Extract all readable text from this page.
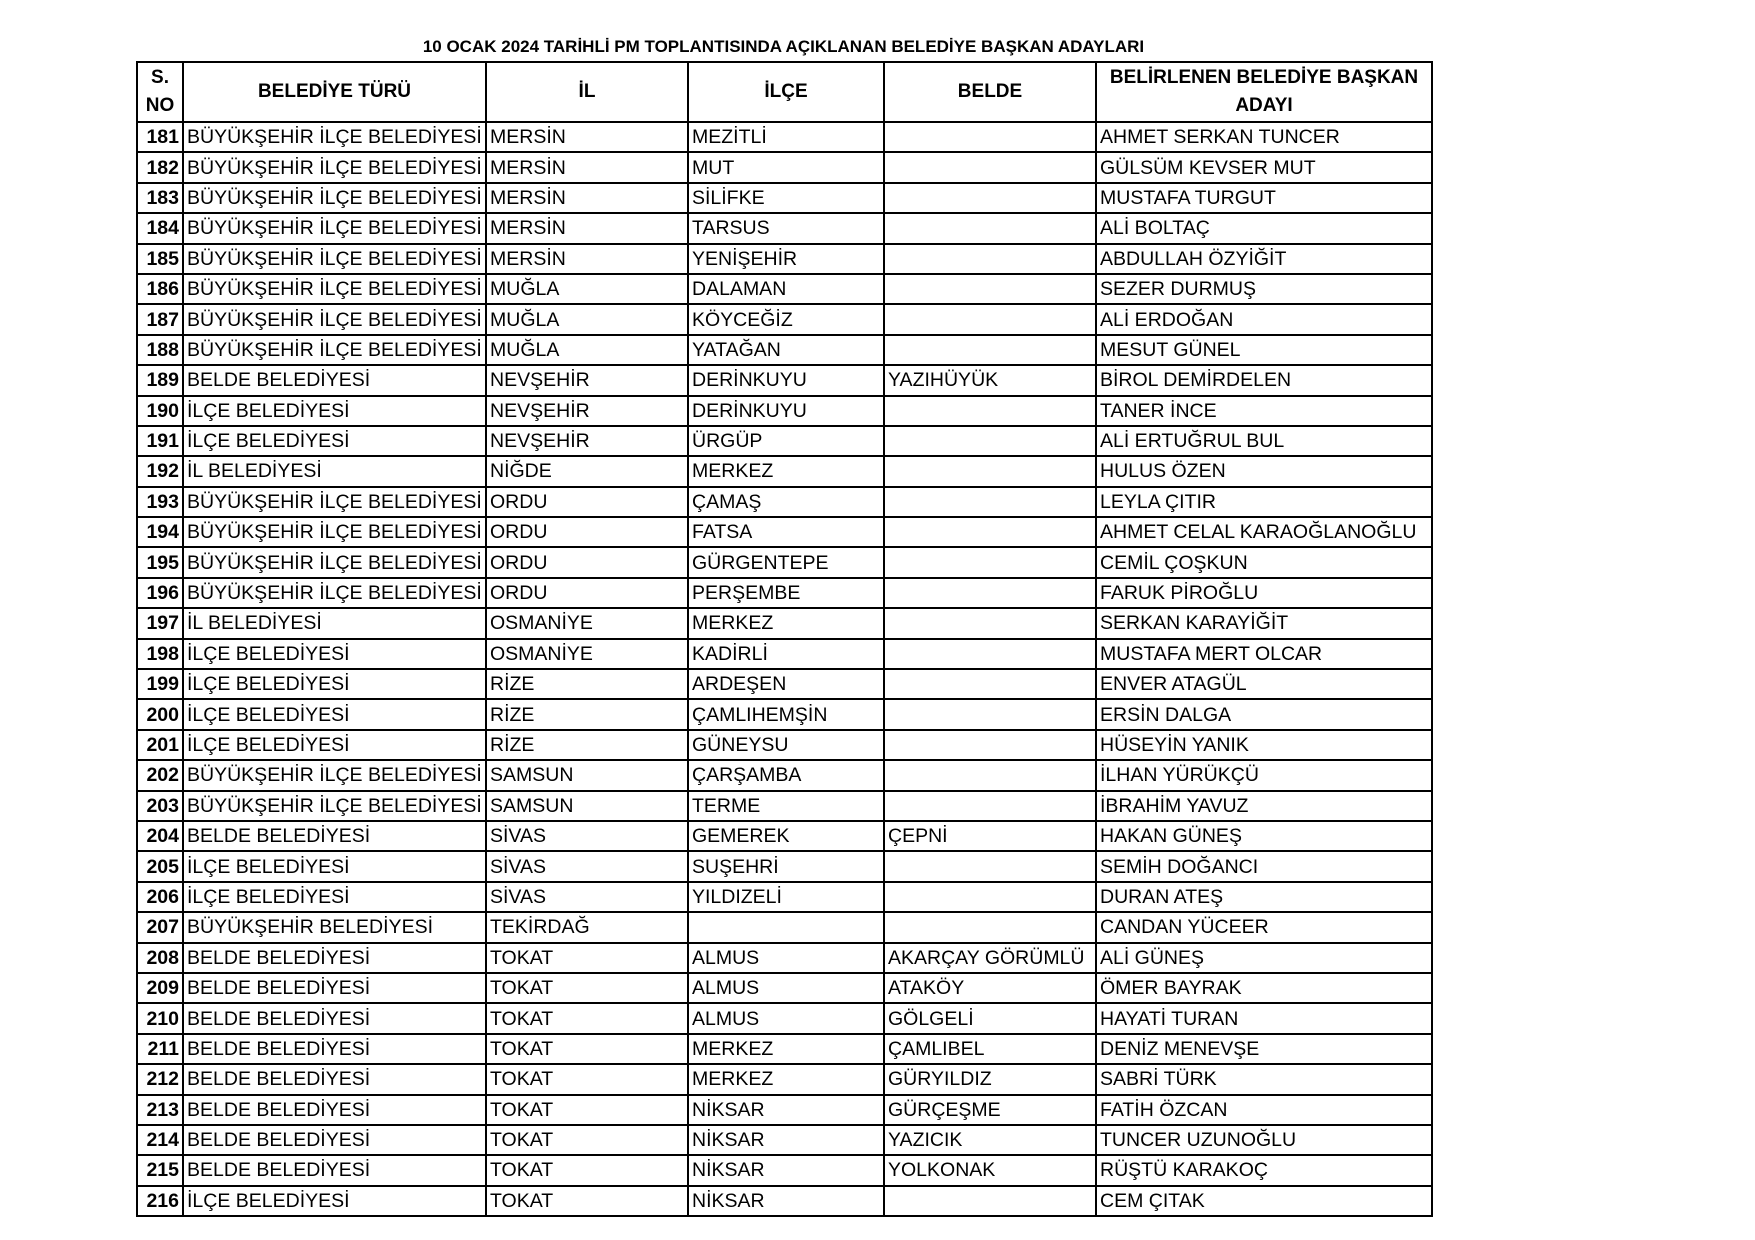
10 OCAK 2024 TARİHLİ PM TOPLANTISINDA AÇIKLANAN BELEDİYE BAŞKAN ADAYLARI
S. NO	BELEDİYE TÜRÜ	İL	İLÇE	BELDE	BELİRLENEN BELEDİYE BAŞKAN ADAYI
181	BÜYÜKŞEHİR İLÇE BELEDİYESİ	MERSİN	MEZİTLİ		AHMET SERKAN TUNCER
182	BÜYÜKŞEHİR İLÇE BELEDİYESİ	MERSİN	MUT		GÜLSÜM KEVSER MUT
183	BÜYÜKŞEHİR İLÇE BELEDİYESİ	MERSİN	SİLİFKE		MUSTAFA TURGUT
184	BÜYÜKŞEHİR İLÇE BELEDİYESİ	MERSİN	TARSUS		ALİ BOLTAÇ
185	BÜYÜKŞEHİR İLÇE BELEDİYESİ	MERSİN	YENİŞEHİR		ABDULLAH ÖZYİĞİT
186	BÜYÜKŞEHİR İLÇE BELEDİYESİ	MUĞLA	DALAMAN		SEZER DURMUŞ
187	BÜYÜKŞEHİR İLÇE BELEDİYESİ	MUĞLA	KÖYCEĞİZ		ALİ ERDOĞAN
188	BÜYÜKŞEHİR İLÇE BELEDİYESİ	MUĞLA	YATAĞAN		MESUT GÜNEL
189	BELDE BELEDİYESİ	NEVŞEHİR	DERİNKUYU	YAZIHÜYÜK	BİROL DEMİRDELEN
190	İLÇE BELEDİYESİ	NEVŞEHİR	DERİNKUYU		TANER İNCE
191	İLÇE BELEDİYESİ	NEVŞEHİR	ÜRGÜP		ALİ ERTUĞRUL BUL
192	İL BELEDİYESİ	NİĞDE	MERKEZ		HULUS ÖZEN
193	BÜYÜKŞEHİR İLÇE BELEDİYESİ	ORDU	ÇAMAŞ		LEYLA ÇITIR
194	BÜYÜKŞEHİR İLÇE BELEDİYESİ	ORDU	FATSA		AHMET CELAL KARAOĞLANOĞLU
195	BÜYÜKŞEHİR İLÇE BELEDİYESİ	ORDU	GÜRGENTEPE		CEMİL ÇOŞKUN
196	BÜYÜKŞEHİR İLÇE BELEDİYESİ	ORDU	PERŞEMBE		FARUK PİROĞLU
197	İL BELEDİYESİ	OSMANİYE	MERKEZ		SERKAN KARAYİĞİT
198	İLÇE BELEDİYESİ	OSMANİYE	KADİRLİ		MUSTAFA MERT OLCAR
199	İLÇE BELEDİYESİ	RİZE	ARDEŞEN		ENVER ATAGÜL
200	İLÇE BELEDİYESİ	RİZE	ÇAMLIHEMŞİN		ERSİN DALGA
201	İLÇE BELEDİYESİ	RİZE	GÜNEYSU		HÜSEYİN YANIK
202	BÜYÜKŞEHİR İLÇE BELEDİYESİ	SAMSUN	ÇARŞAMBA		İLHAN YÜRÜKÇÜ
203	BÜYÜKŞEHİR İLÇE BELEDİYESİ	SAMSUN	TERME		İBRAHİM YAVUZ
204	BELDE BELEDİYESİ	SİVAS	GEMEREK	ÇEPNİ	HAKAN GÜNEŞ
205	İLÇE BELEDİYESİ	SİVAS	SUŞEHRİ		SEMİH DOĞANCI
206	İLÇE BELEDİYESİ	SİVAS	YILDIZELİ		DURAN ATEŞ
207	BÜYÜKŞEHİR BELEDİYESİ	TEKİRDAĞ			CANDAN YÜCEER
208	BELDE BELEDİYESİ	TOKAT	ALMUS	AKARÇAY GÖRÜMLÜ	ALİ GÜNEŞ
209	BELDE BELEDİYESİ	TOKAT	ALMUS	ATAKÖY	ÖMER BAYRAK
210	BELDE BELEDİYESİ	TOKAT	ALMUS	GÖLGELİ	HAYATİ TURAN
211	BELDE BELEDİYESİ	TOKAT	MERKEZ	ÇAMLIBEL	DENİZ MENEVŞE
212	BELDE BELEDİYESİ	TOKAT	MERKEZ	GÜRYILDIZ	SABRİ TÜRK
213	BELDE BELEDİYESİ	TOKAT	NİKSAR	GÜRÇEŞME	FATİH ÖZCAN
214	BELDE BELEDİYESİ	TOKAT	NİKSAR	YAZICIK	TUNCER UZUNOĞLU
215	BELDE BELEDİYESİ	TOKAT	NİKSAR	YOLKONAK	RÜŞTÜ KARAKOÇ
216	İLÇE BELEDİYESİ	TOKAT	NİKSAR		CEM ÇITAK
